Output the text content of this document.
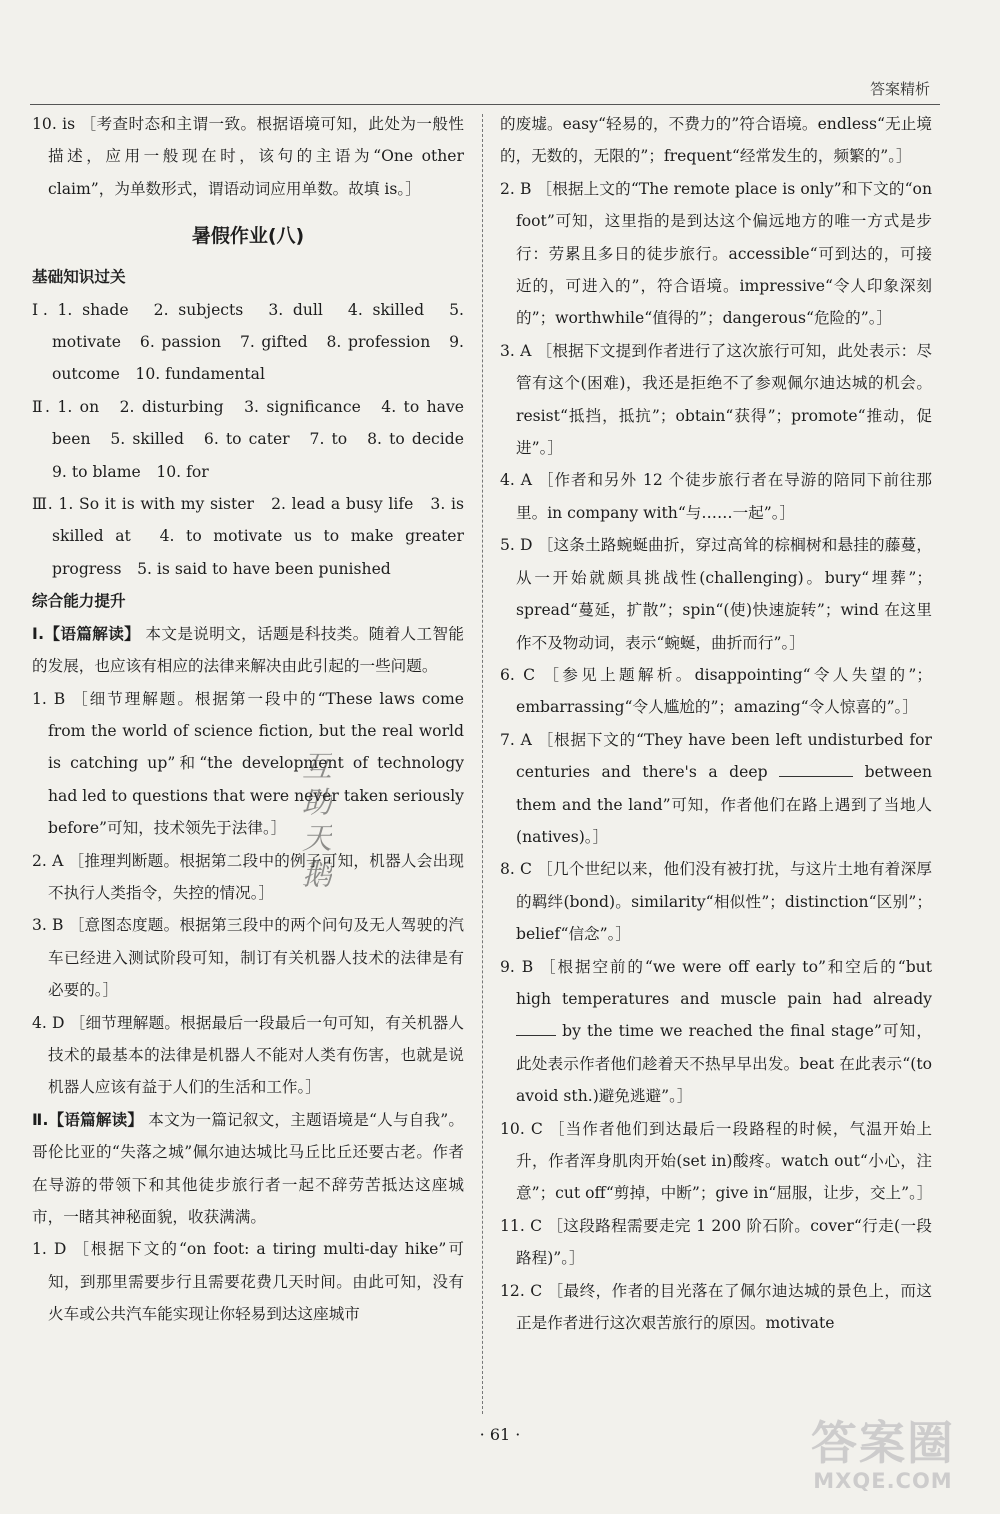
答案精析

10. is ［考查时态和主谓一致。根据语境可知，此处为一般性描述，应用一般现在时，该句的主语为“One other claim”，为单数形式，谓语动词应用单数。故填 is。］

暑假作业(八)

基础知识过关

Ⅰ. 1. shade　2. subjects　3. dull　4. skilled　5. motivate　6. passion　7. gifted　8. profession　9. outcome　10. fundamental

Ⅱ. 1. on　2. disturbing　3. significance　4. to have been　5. skilled　6. to cater　7. to　8. to decide　9. to blame　10. for

Ⅲ. 1. So it is with my sister　2. lead a busy life　3. is skilled at　4. to motivate us to make greater progress　5. is said to have been punished

综合能力提升

Ⅰ.【语篇解读】 本文是说明文，话题是科技类。随着人工智能的发展，也应该有相应的法律来解决由此引起的一些问题。

1. B ［细节理解题。根据第一段中的“These laws come from the world of science fiction, but the real world is catching up”和“the development of technology had led to questions that were never taken seriously before”可知，技术领先于法律。］

2. A ［推理判断题。根据第二段中的例子可知，机器人会出现不执行人类指令，失控的情况。］

3. B ［意图态度题。根据第三段中的两个问句及无人驾驶的汽车已经进入测试阶段可知，制订有关机器人技术的法律是有必要的。］

4. D ［细节理解题。根据最后一段最后一句可知，有关机器人技术的最基本的法律是机器人不能对人类有伤害，也就是说机器人应该有益于人们的生活和工作。］

Ⅱ.【语篇解读】 本文为一篇记叙文，主题语境是“人与自我”。哥伦比亚的“失落之城”佩尔迪达城比马丘比丘还要古老。作者在导游的带领下和其他徒步旅行者一起不辞劳苦抵达这座城市，一睹其神秘面貌，收获满满。

1. D ［根据下文的“on foot: a tiring multi-day hike”可知，到那里需要步行且需要花费几天时间。由此可知，没有火车或公共汽车能实现让你轻易到达这座城市

的废墟。easy“轻易的，不费力的”符合语境。endless“无止境的，无数的，无限的”；frequent“经常发生的，频繁的”。］

2. B ［根据上文的“The remote place is only”和下文的“on foot”可知，这里指的是到达这个偏远地方的唯一方式是步行：劳累且多日的徒步旅行。accessible“可到达的，可接近的，可进入的”，符合语境。impressive“令人印象深刻的”；worthwhile“值得的”；dangerous“危险的”。］

3. A ［根据下文提到作者进行了这次旅行可知，此处表示：尽管有这个(困难)，我还是拒绝不了参观佩尔迪达城的机会。resist“抵挡，抵抗”；obtain“获得”；promote“推动，促进”。］

4. A ［作者和另外 12 个徒步旅行者在导游的陪同下前往那里。in company with“与……一起”。］

5. D ［这条土路蜿蜒曲折，穿过高耸的棕榈树和悬挂的藤蔓，从一开始就颇具挑战性(challenging)。bury“埋葬”；spread“蔓延，扩散”；spin“(使)快速旋转”；wind 在这里作不及物动词，表示“蜿蜒，曲折而行”。］

6. C ［参见上题解析。disappointing“令人失望的”；embarrassing“令人尴尬的”；amazing“令人惊喜的”。］

7. A ［根据下文的“They have been left undisturbed for centuries and there's a deep	between them and the land”可知，作者他们在路上遇到了当地人(natives)。］

8. C ［几个世纪以来，他们没有被打扰，与这片土地有着深厚的羁绊(bond)。similarity“相似性”；distinction“区别”；belief“信念”。］

9. B ［根据空前的“we were off early to”和空后的“but high temperatures and muscle pain had already  by the time we reached the final stage”可知，此处表示作者他们趁着天不热早早出发。beat 在此表示“(to avoid sth.)避免逃避”。］

10. C ［当作者他们到达最后一段路程的时候，气温开始上升，作者浑身肌肉开始(set in)酸疼。watch out“小心，注意”；cut off“剪掉，中断”；give in“屈服，让步，交上”。］

11. C ［这段路程需要走完 1 200 阶石阶。cover“行走(一段路程)”。］

12. C ［最终，作者的目光落在了佩尔迪达城的景色上，而这正是作者进行这次艰苦旅行的原因。motivate

互助天鹅
· 61 ·	答案圈
MXQE.COM
